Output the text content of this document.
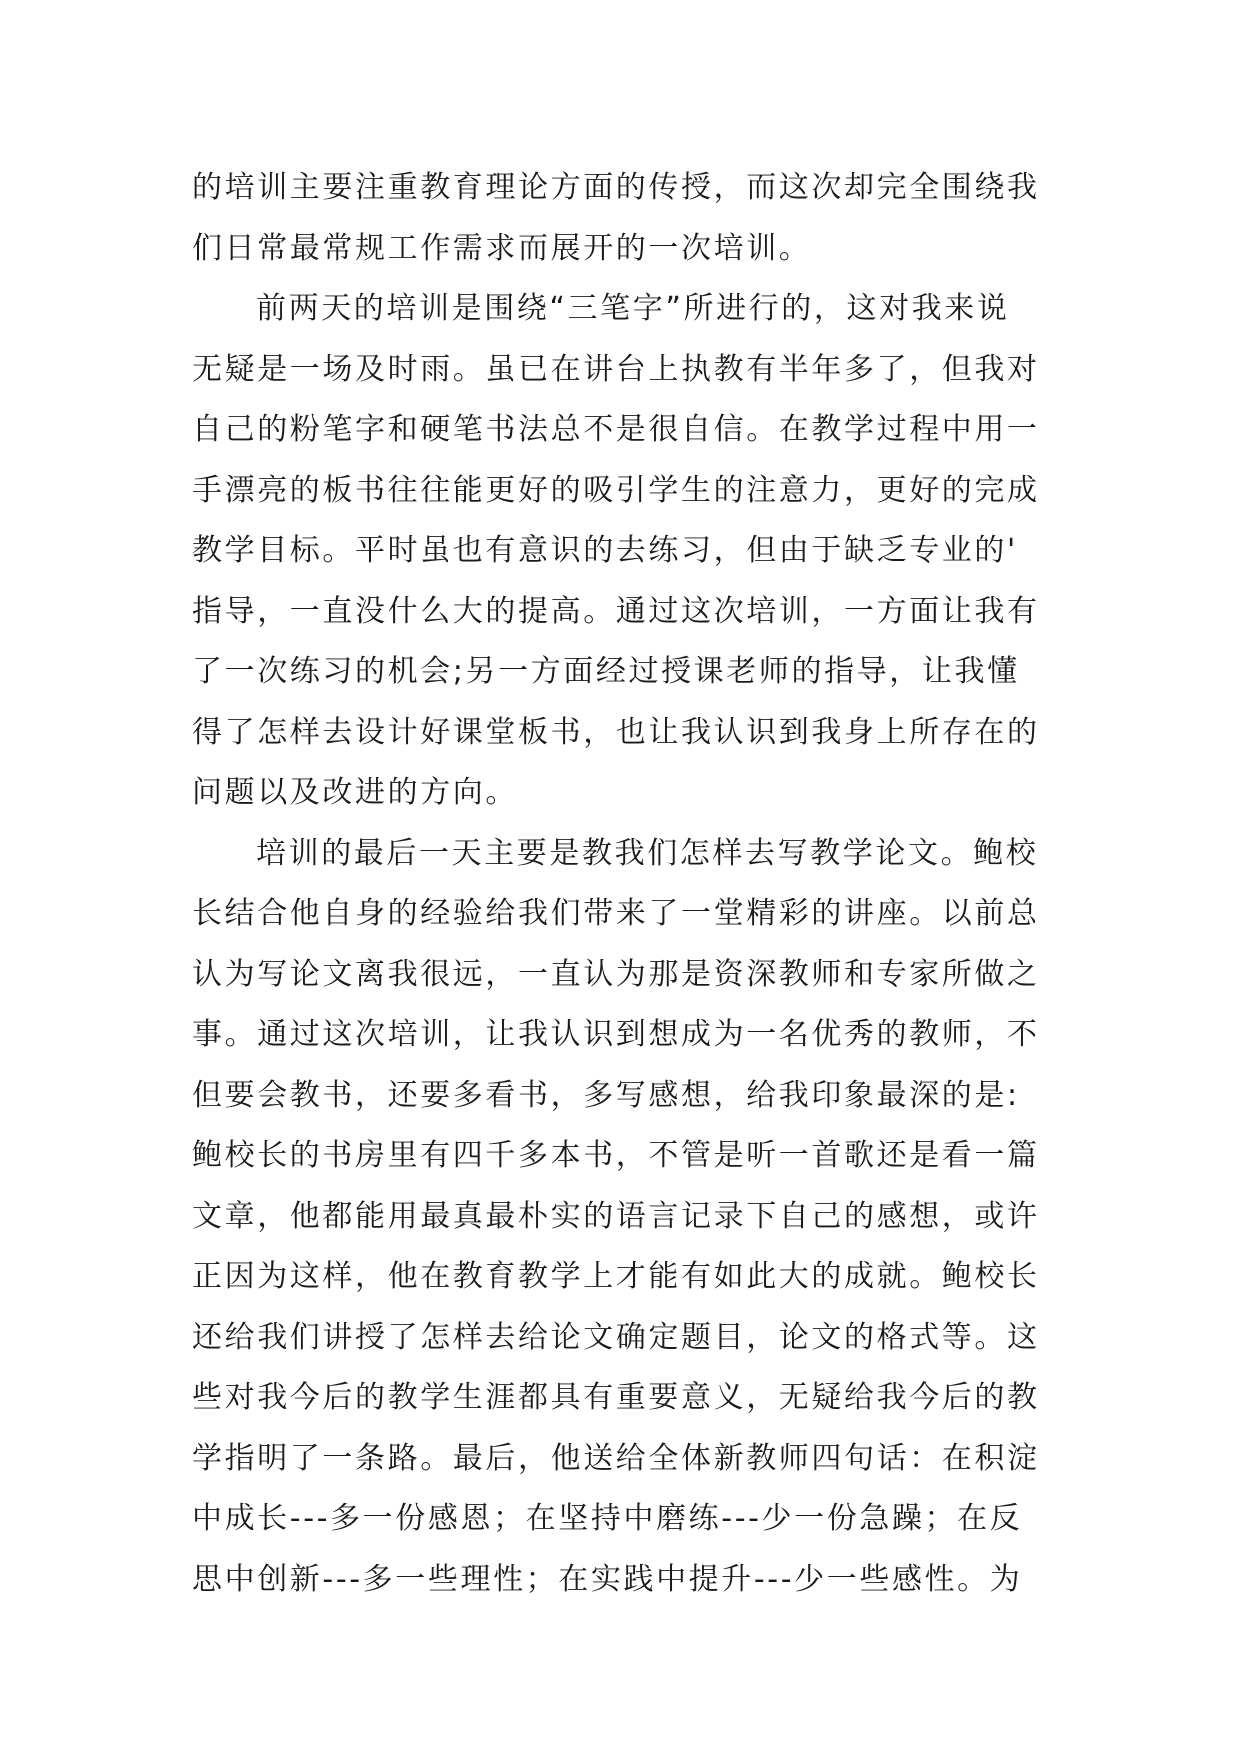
的培训主要注重教育理论方面的传授，而这次却完全围绕我
们日常最常规工作需求而展开的一次培训。
前两天的培训是围绕“三笔字”所进行的，这对我来说
无疑是一场及时雨。虽已在讲台上执教有半年多了，但我对
自己的粉笔字和硬笔书法总不是很自信。在教学过程中用一
手漂亮的板书往往能更好的吸引学生的注意力，更好的完成
教学目标。平时虽也有意识的去练习，但由于缺乏专业的'
指导，一直没什么大的提高。通过这次培训，一方面让我有
了一次练习的机会;另一方面经过授课老师的指导，让我懂
得了怎样去设计好课堂板书，也让我认识到我身上所存在的
问题以及改进的方向。
培训的最后一天主要是教我们怎样去写教学论文。鲍校
长结合他自身的经验给我们带来了一堂精彩的讲座。以前总
认为写论文离我很远，一直认为那是资深教师和专家所做之
事。通过这次培训，让我认识到想成为一名优秀的教师，不
但要会教书，还要多看书，多写感想，给我印象最深的是:
鲍校长的书房里有四千多本书，不管是听一首歌还是看一篇
文章，他都能用最真最朴实的语言记录下自己的感想，或许
正因为这样，他在教育教学上才能有如此大的成就。鲍校长
还给我们讲授了怎样去给论文确定题目，论文的格式等。这
些对我今后的教学生涯都具有重要意义，无疑给我今后的教
学指明了一条路。最后，他送给全体新教师四句话：在积淀
中成长---多一份感恩；在坚持中磨练---少一份急躁；在反
思中创新---多一些理性；在实践中提升---少一些感性。为
